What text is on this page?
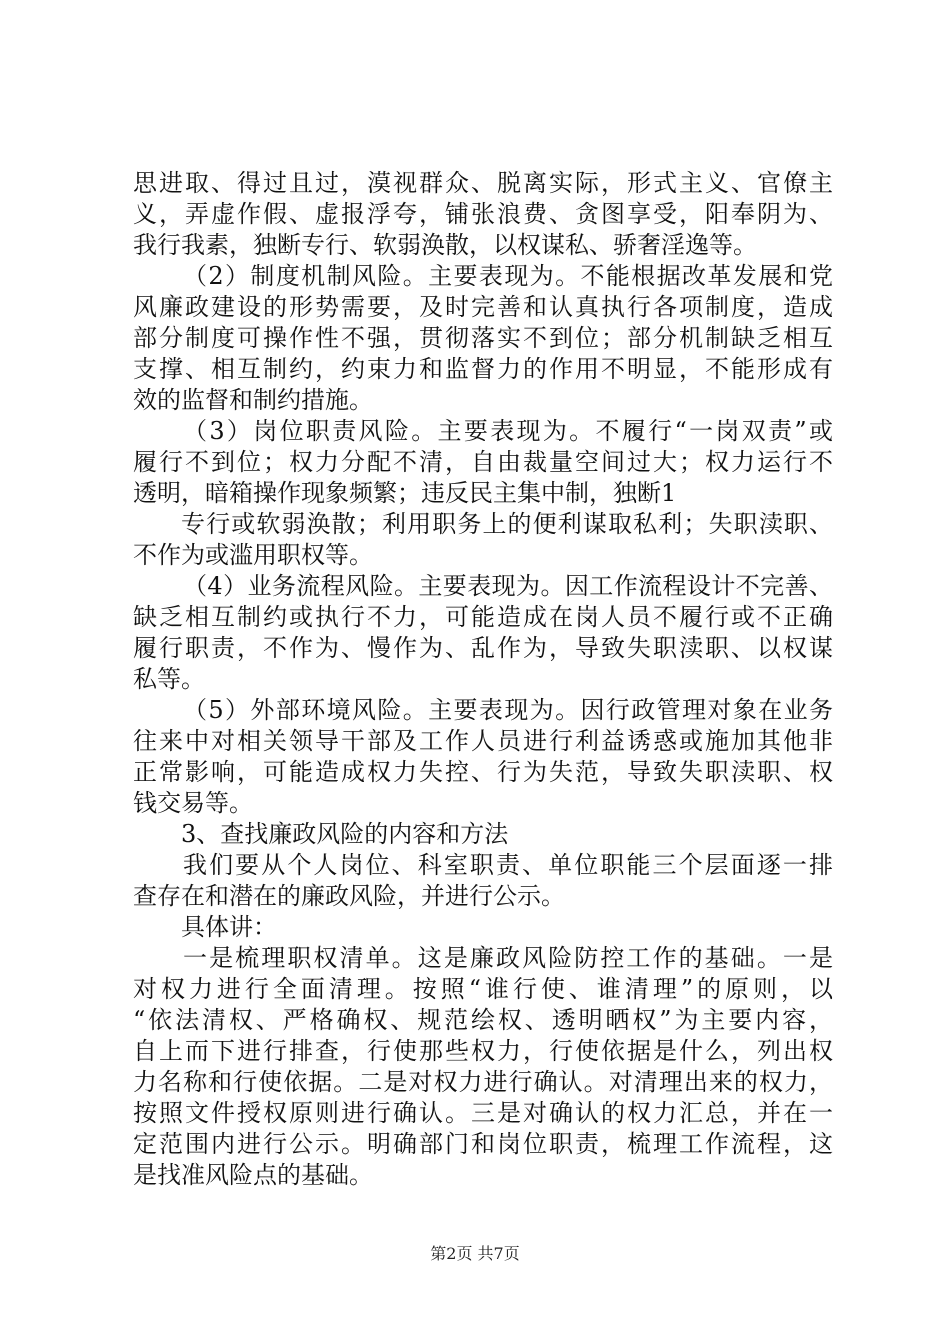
思进取、得过且过，漠视群众、脱离实际，形式主义、官僚主
义，弄虚作假、虚报浮夸，铺张浪费、贪图享受，阳奉阴为、
我行我素，独断专行、软弱涣散，以权谋私、骄奢淫逸等。
（2）制度机制风险。主要表现为。不能根据改革发展和党
风廉政建设的形势需要，及时完善和认真执行各项制度，造成
部分制度可操作性不强，贯彻落实不到位；部分机制缺乏相互
支撑、相互制约，约束力和监督力的作用不明显，不能形成有
效的监督和制约措施。
（3）岗位职责风险。主要表现为。不履行“一岗双责”或
履行不到位；权力分配不清，自由裁量空间过大；权力运行不
透明，暗箱操作现象频繁；违反民主集中制，独断1
专行或软弱涣散；利用职务上的便利谋取私利；失职渎职、
不作为或滥用职权等。
（4）业务流程风险。主要表现为。因工作流程设计不完善、
缺乏相互制约或执行不力，可能造成在岗人员不履行或不正确
履行职责，不作为、慢作为、乱作为，导致失职渎职、以权谋
私等。
（5）外部环境风险。主要表现为。因行政管理对象在业务
往来中对相关领导干部及工作人员进行利益诱惑或施加其他非
正常影响，可能造成权力失控、行为失范，导致失职渎职、权
钱交易等。
3、查找廉政风险的内容和方法
我们要从个人岗位、科室职责、单位职能三个层面逐一排
查存在和潜在的廉政风险，并进行公示。
具体讲：
一是梳理职权清单。这是廉政风险防控工作的基础。一是
对权力进行全面清理。按照“谁行使、谁清理”的原则，以
“依法清权、严格确权、规范绘权、透明晒权”为主要内容，
自上而下进行排查，行使那些权力，行使依据是什么，列出权
力名称和行使依据。二是对权力进行确认。对清理出来的权力，
按照文件授权原则进行确认。三是对确认的权力汇总，并在一
定范围内进行公示。明确部门和岗位职责，梳理工作流程，这
是找准风险点的基础。
第2页 共7页
